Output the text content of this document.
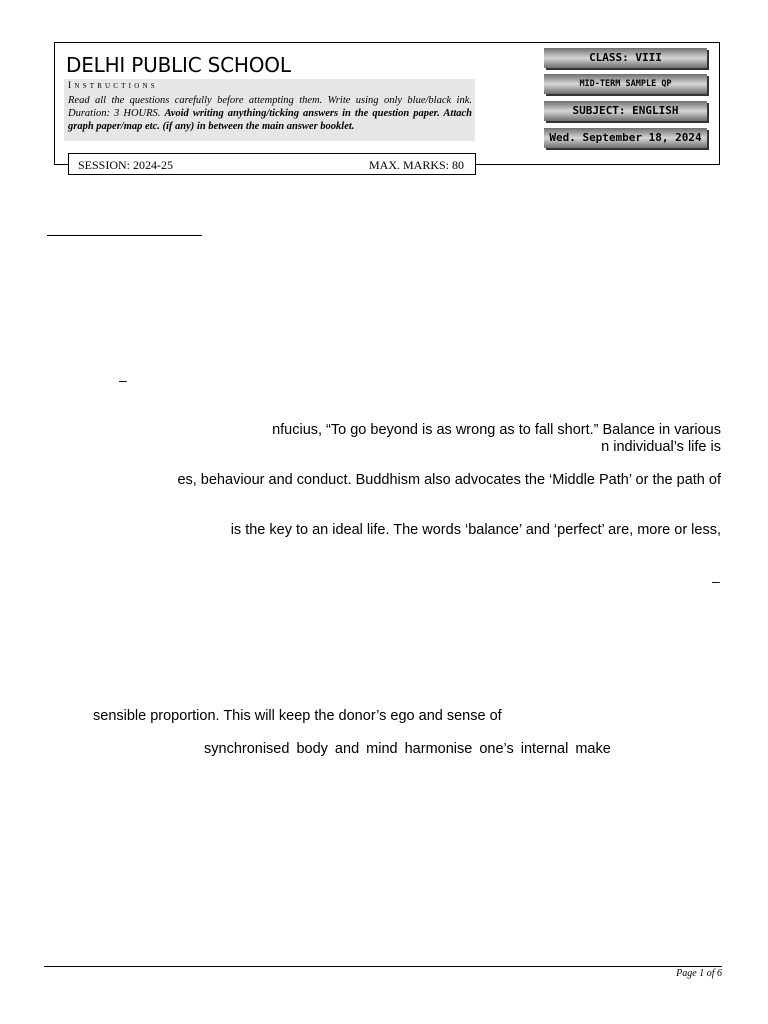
DELHI PUBLIC SCHOOL
Instructions
Read all the questions carefully before attempting them. Write using only blue/black ink. Duration: 3 HOURS. Avoid writing anything/ticking answers in the question paper. Attach graph paper/map etc. (if any) in between the main answer booklet.
SESSION: 2024-25	MAX. MARKS: 80
CLASS: VIII
MID-TERM SAMPLE QP
SUBJECT: ENGLISH
Wed. September 18, 2024
–
nfucius, “To go beyond is as wrong as to fall short.” Balance in various
n individual’s life is
es, behaviour and conduct. Buddhism also advocates the ‘Middle Path’ or the path of
is the key to an ideal life. The words ‘balance’ and ‘perfect’ are, more or less,
–
sensible proportion. This will keep the donor’s ego and sense of
synchronised body and mind harmonise one’s internal make
Page 1 of 6
